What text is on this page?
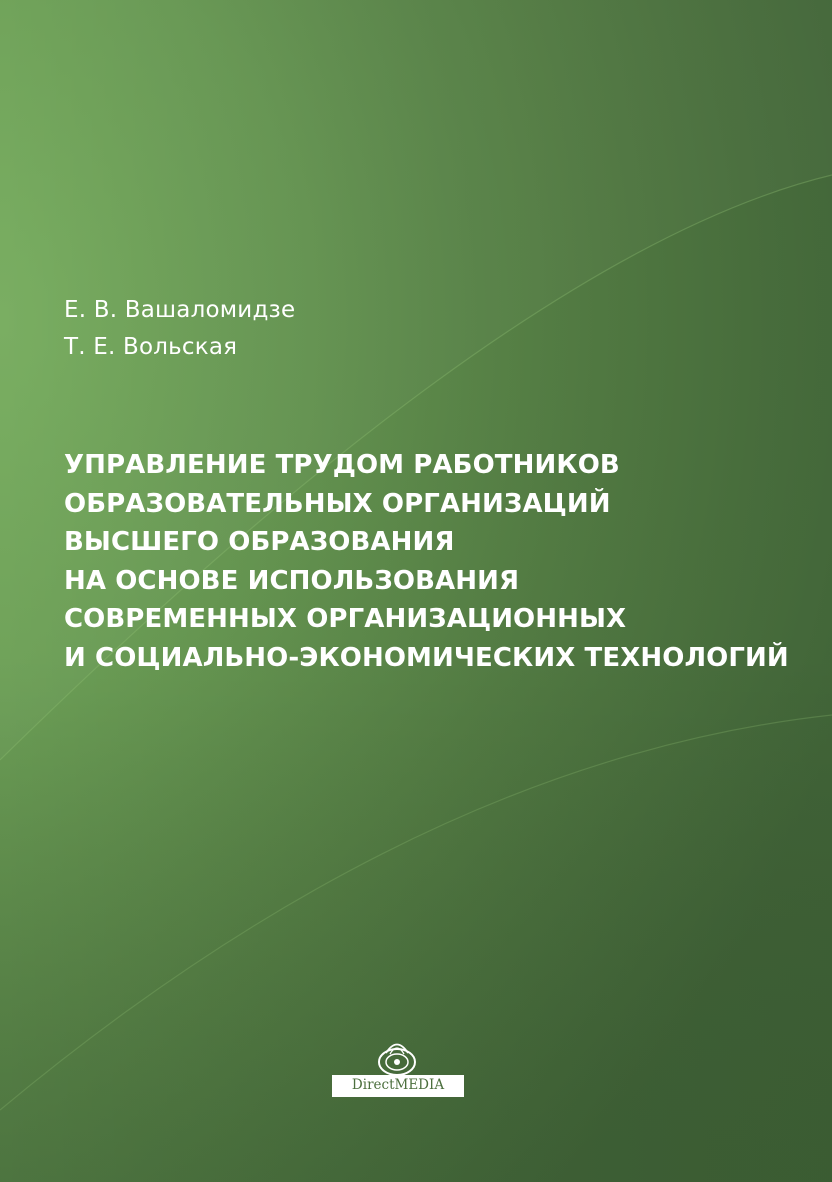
Е. В. Вашаломидзе
Т. Е. Вольская
УПРАВЛЕНИЕ ТРУДОМ РАБОТНИКОВ
ОБРАЗОВАТЕЛЬНЫХ ОРГАНИЗАЦИЙ
ВЫСШЕГО ОБРАЗОВАНИЯ
НА ОСНОВЕ ИСПОЛЬЗОВАНИЯ
СОВРЕМЕННЫХ ОРГАНИЗАЦИОННЫХ
И СОЦИАЛЬНО-ЭКОНОМИЧЕСКИХ ТЕХНОЛОГИЙ
DirectMEDIA
